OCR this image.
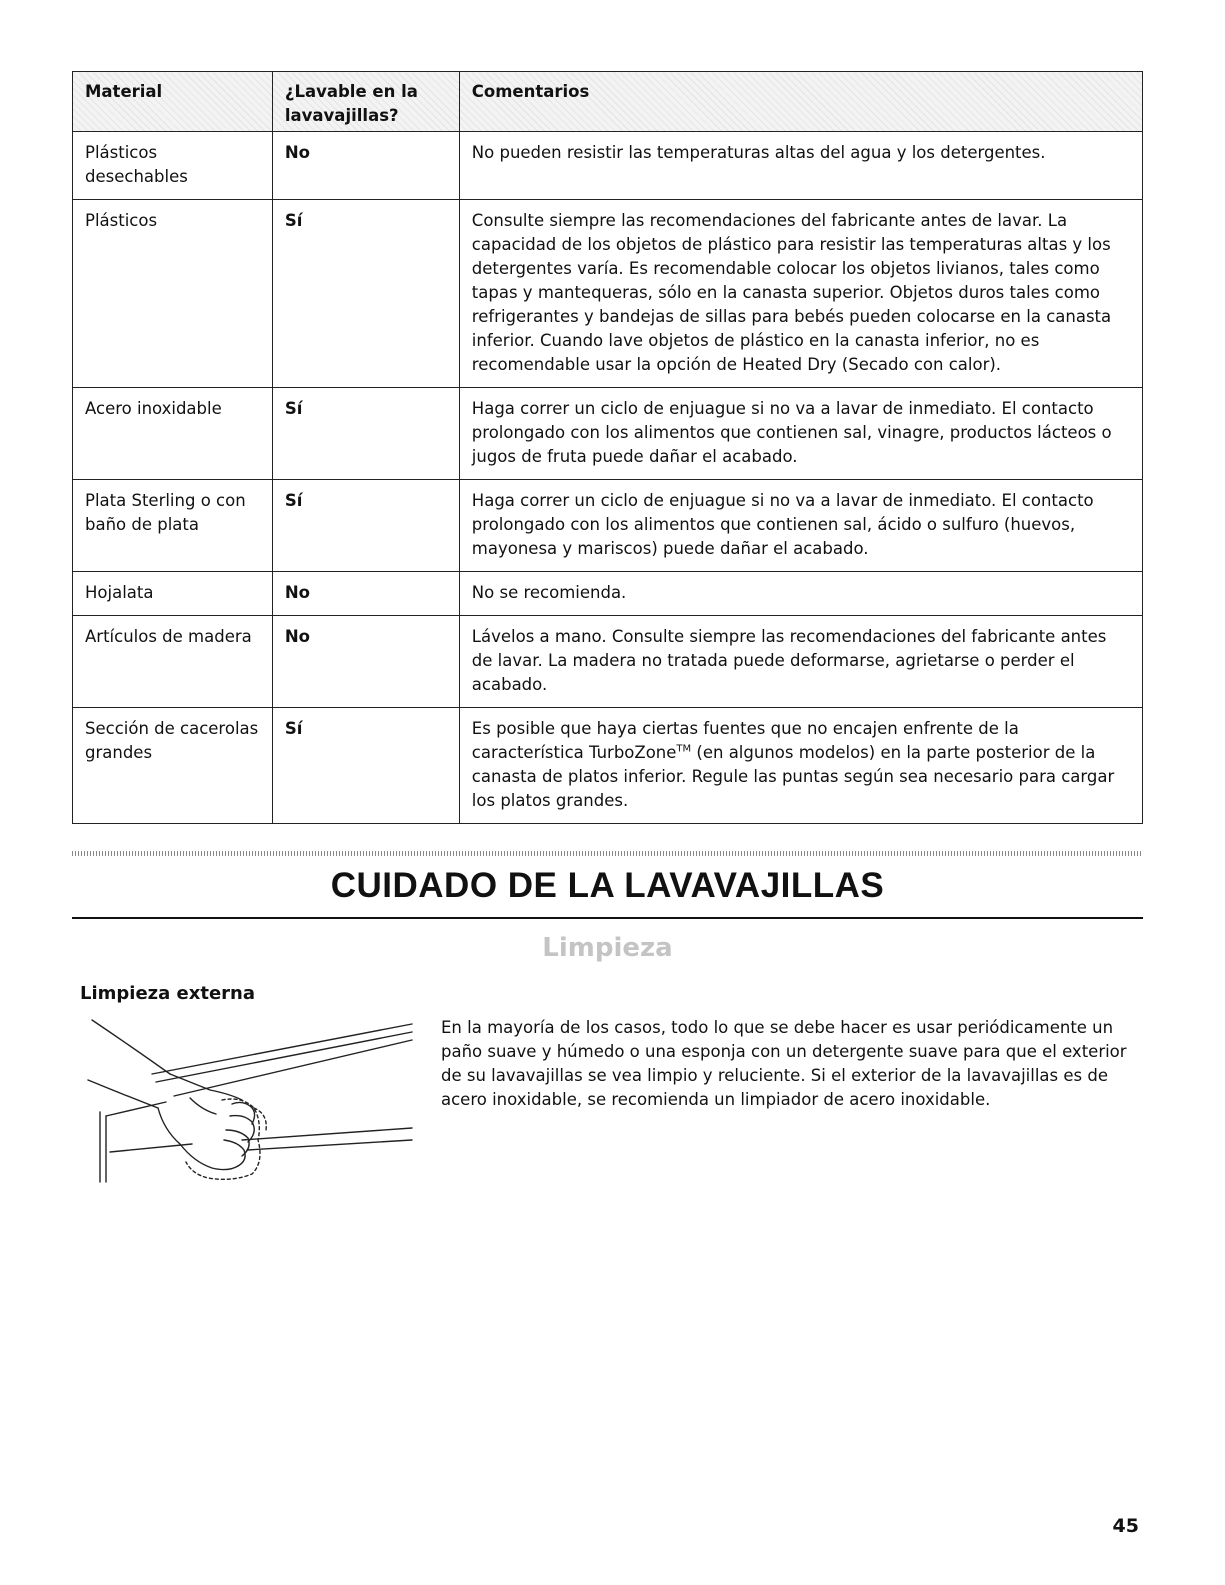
Material	¿Lavable en la lavavajillas?	Comentarios
Plásticos desechables	No	No pueden resistir las temperaturas altas del agua y los detergentes.
Plásticos	Sí	Consulte siempre las recomendaciones del fabricante antes de lavar. La capacidad de los objetos de plástico para resistir las temperaturas altas y los detergentes varía. Es recomendable colocar los objetos livianos, tales como tapas y mantequeras, sólo en la canasta superior. Objetos duros tales como refrigerantes y bandejas de sillas para bebés pueden colocarse en la canasta inferior. Cuando lave objetos de plástico en la canasta inferior, no es recomendable usar la opción de Heated Dry (Secado con calor).
Acero inoxidable	Sí	Haga correr un ciclo de enjuague si no va a lavar de inmediato. El contacto prolongado con los alimentos que contienen sal, vinagre, productos lácteos o jugos de fruta puede dañar el acabado.
Plata Sterling o con baño de plata	Sí	Haga correr un ciclo de enjuague si no va a lavar de inmediato. El contacto prolongado con los alimentos que contienen sal, ácido o sulfuro (huevos, mayonesa y mariscos) puede dañar el acabado.
Hojalata	No	No se recomienda.
Artículos de madera	No	Lávelos a mano. Consulte siempre las recomendaciones del fabricante antes de lavar. La madera no tratada puede deformarse, agrietarse o perder el acabado.
Sección de cacerolas grandes	Sí	Es posible que haya ciertas fuentes que no encajen enfrente de la característica TurboZone™ (en algunos modelos) en la parte posterior de la canasta de platos inferior. Regule las puntas según sea necesario para cargar los platos grandes.
CUIDADO DE LA LAVAVAJILLAS
Limpieza
Limpieza externa

En la mayoría de los casos, todo lo que se debe hacer es usar periódicamente un paño suave y húmedo o una esponja con un detergente suave para que el exterior de su lavavajillas se vea limpio y reluciente. Si el exterior de la lavavajillas es de acero inoxidable, se recomienda un limpiador de acero inoxidable.

45
